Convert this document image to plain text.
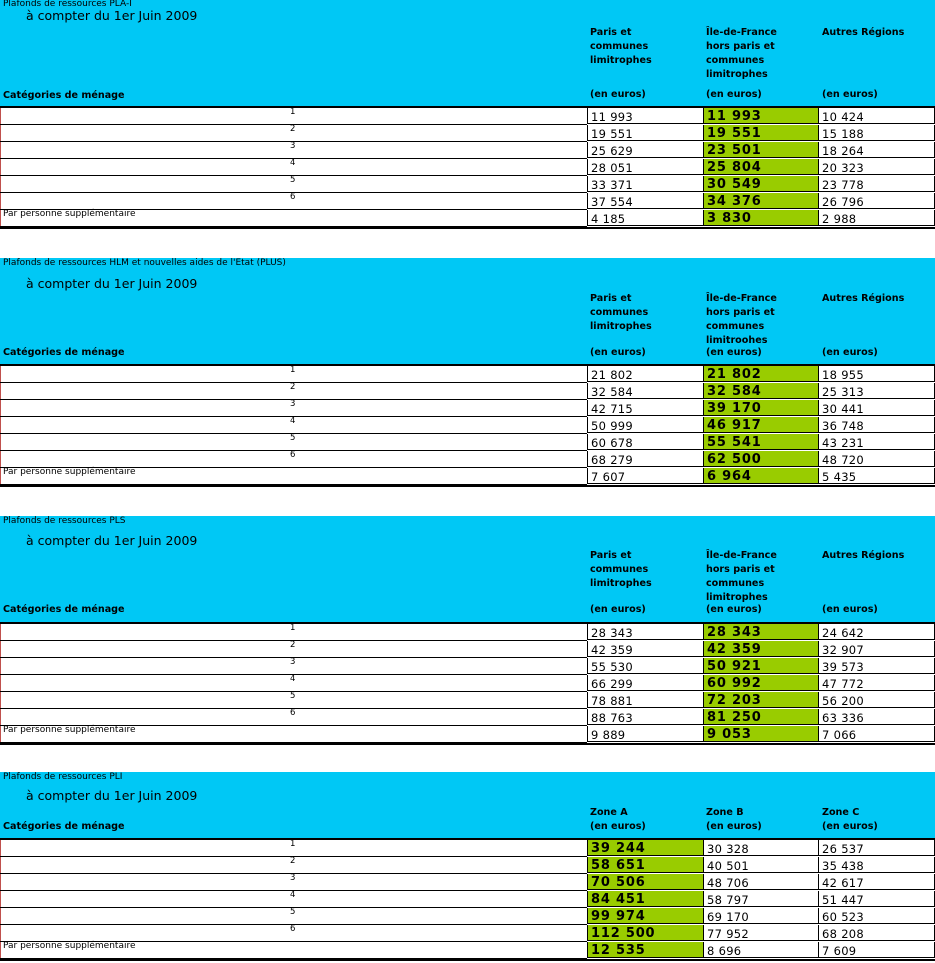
Plafonds de ressources PLA-I
à compter du 1er Juin 2009
Paris et
communes
limitrophes
(en euros)
Île-de-France
hors paris et
communes
limitrophes
(en euros)
Autres Régions
(en euros)
Catégories de ménage
1	11 993	11 993	10 424
2	19 551	19 551	15 188
3	25 629	23 501	18 264
4	28 051	25 804	20 323
5	33 371	30 549	23 778
6	37 554	34 376	26 796
Par personne supplémentaire	4 185	3 830	2 988
Plafonds de ressources HLM et nouvelles aides de l'Etat (PLUS)
à compter du 1er Juin 2009
Paris et
communes
limitrophes
(en euros)
Île-de-France
hors paris et
communes
limitroohes
(en euros)
Autres Régions
(en euros)
Catégories de ménage
1	21 802	21 802	18 955
2	32 584	32 584	25 313
3	42 715	39 170	30 441
4	50 999	46 917	36 748
5	60 678	55 541	43 231
6	68 279	62 500	48 720
Par personne supplémentaire	7 607	6 964	5 435
Plafonds de ressources PLS
à compter du 1er Juin 2009
Paris et
communes
limitrophes
(en euros)
Île-de-France
hors paris et
communes
limitrophes
(en euros)
Autres Régions
(en euros)
Catégories de ménage
1	28 343	28 343	24 642
2	42 359	42 359	32 907
3	55 530	50 921	39 573
4	66 299	60 992	47 772
5	78 881	72 203	56 200
6	88 763	81 250	63 336
Par personne supplémentaire	9 889	9 053	7 066
Plafonds de ressources PLI
à compter du 1er Juin 2009
Zone A
(en euros)
Zone B
(en euros)
Zone C
(en euros)
Catégories de ménage
1	39 244	30 328	26 537
2	58 651	40 501	35 438
3	70 506	48 706	42 617
4	84 451	58 797	51 447
5	99 974	69 170	60 523
6	112 500	77 952	68 208
Par personne supplémentaire	12 535	8 696	7 609
